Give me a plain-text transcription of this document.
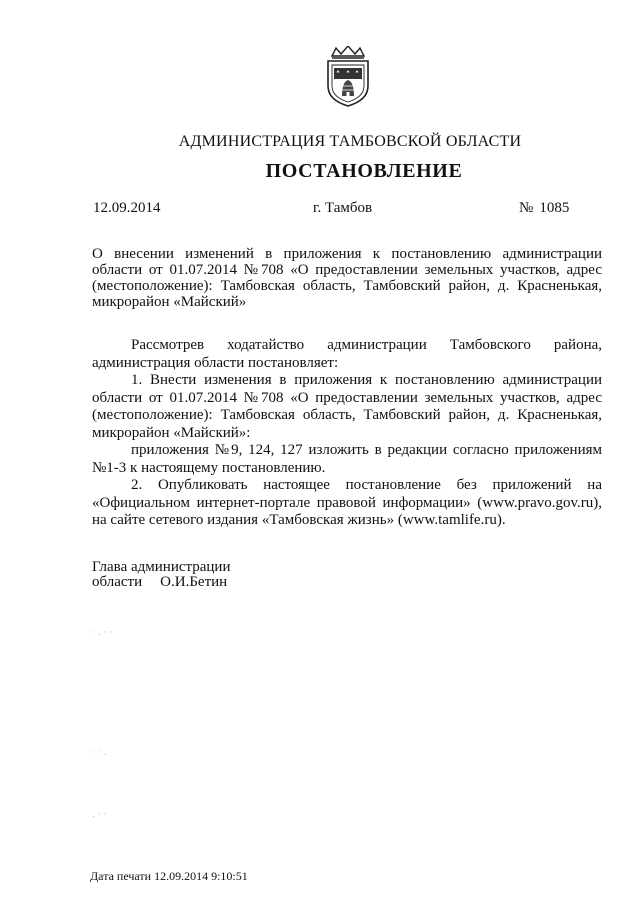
АДМИНИСТРАЦИЯ ТАМБОВСКОЙ ОБЛАСТИ
ПОСТАНОВЛЕНИЕ
12.09.2014	г. Тамбов	№ 1085
О внесении изменений в приложения к постановлению администрации области от 01.07.2014 №708 «О предоставлении земельных участков, адрес (местоположение): Тамбовская область, Тамбовский район, д. Красненькая, микрорайон «Майский»

Рассмотрев ходатайство администрации Тамбовского района, администрация области постановляет:

1. Внести изменения в приложения к постановлению администрации области от 01.07.2014 №708 «О предоставлении земельных участков, адрес (местоположение): Тамбовская область, Тамбовский район, д. Красненькая, микрорайон «Майский»:

приложения №9, 124, 127 изложить в редакции согласно приложениям №1-3 к настоящему постановлению.

2. Опубликовать настоящее постановление без приложений на «Официальном интернет-портале правовой информации» (www.pravo.gov.ru), на сайте сетевого издания «Тамбовская жизнь» (www.tamlife.ru).

Глава администрации
области О.И.Бетин
· . · ·
· · .
. · ·
Дата печати 12.09.2014 9:10:51
